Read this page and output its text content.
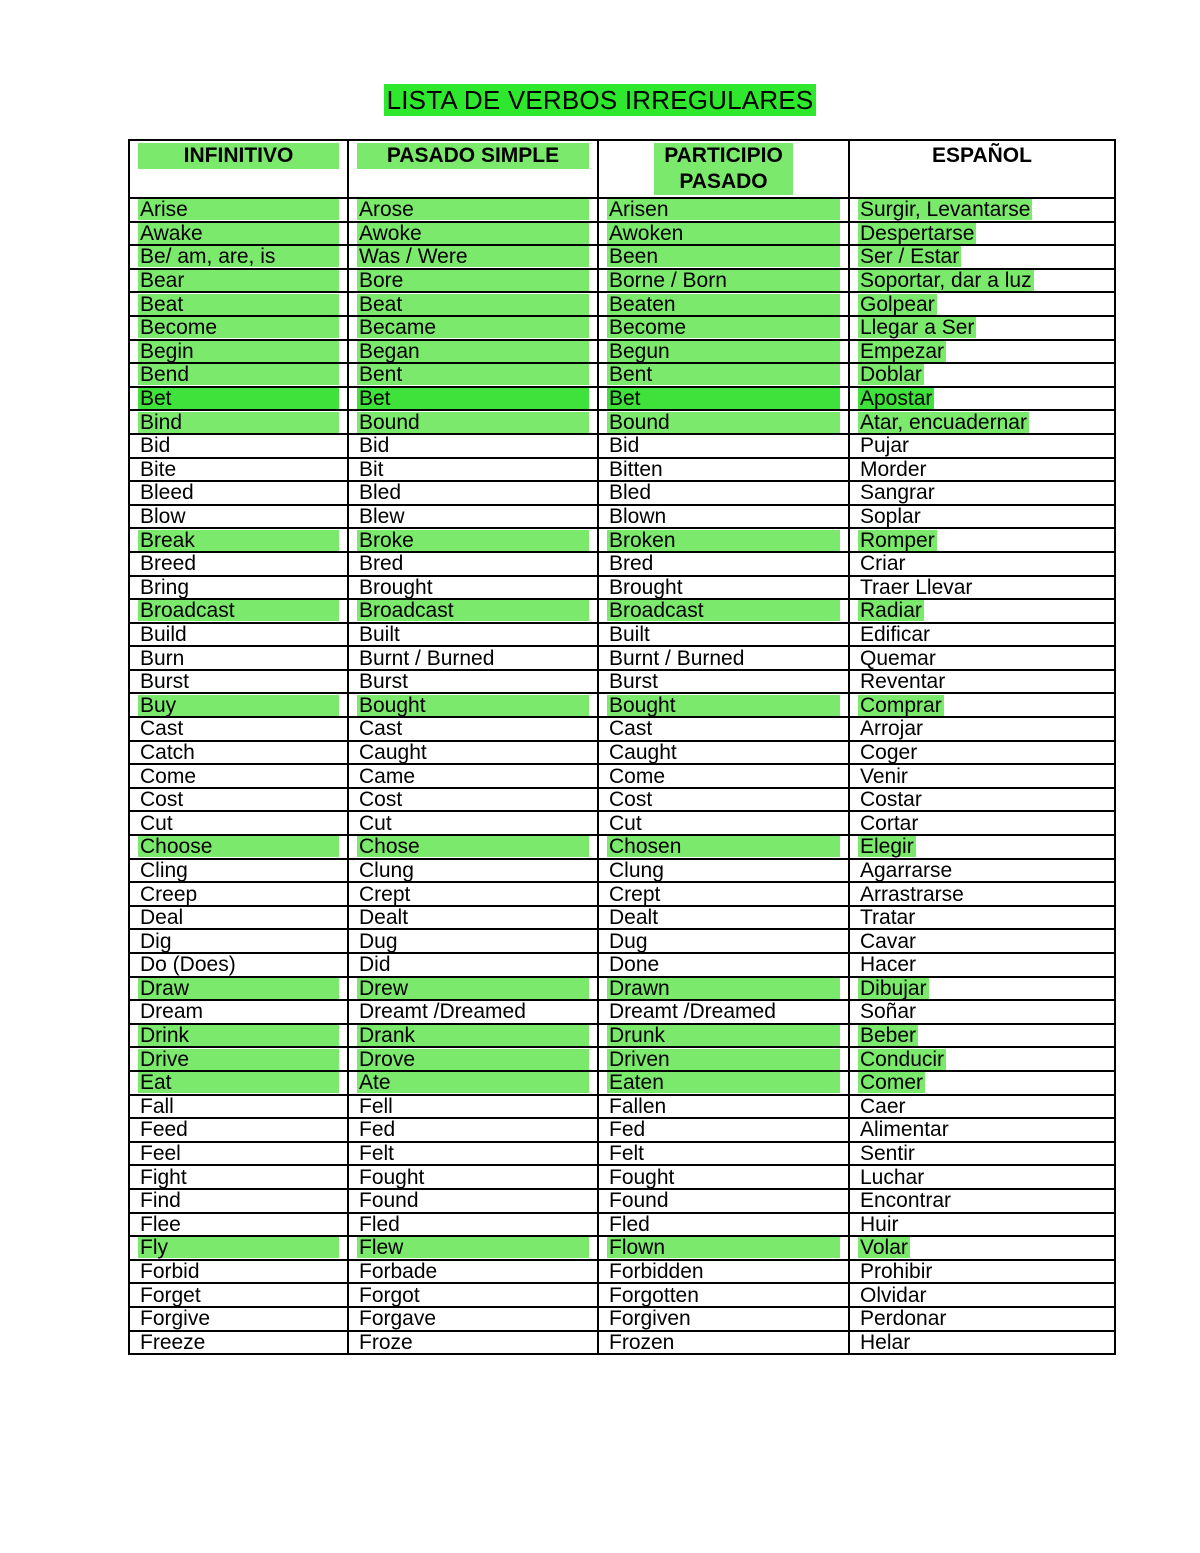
LISTA DE VERBOS IRREGULARES
INFINITIVO	PASADO SIMPLE	PARTICIPIO PASADO	ESPAÑOL

Arise	Arose	Arisen	Surgir, Levantarse

Awake	Awoke	Awoken	Despertarse

Be/ am, are, is	Was / Were	Been	Ser / Estar

Bear	Bore	Borne / Born	Soportar, dar a luz

Beat	Beat	Beaten	Golpear

Become	Became	Become	Llegar a Ser

Begin	Began	Begun	Empezar

Bend	Bent	Bent	Doblar

Bet	Bet	Bet	Apostar

Bind	Bound	Bound	Atar, encuadernar

Bid	Bid	Bid	Pujar

Bite	Bit	Bitten	Morder

Bleed	Bled	Bled	Sangrar

Blow	Blew	Blown	Soplar

Break	Broke	Broken	Romper

Breed	Bred	Bred	Criar

Bring	Brought	Brought	Traer Llevar

Broadcast	Broadcast	Broadcast	Radiar

Build	Built	Built	Edificar

Burn	Burnt / Burned	Burnt / Burned	Quemar

Burst	Burst	Burst	Reventar

Buy	Bought	Bought	Comprar

Cast	Cast	Cast	Arrojar

Catch	Caught	Caught	Coger

Come	Came	Come	Venir

Cost	Cost	Cost	Costar

Cut	Cut	Cut	Cortar

Choose	Chose	Chosen	Elegir

Cling	Clung	Clung	Agarrarse

Creep	Crept	Crept	Arrastrarse

Deal	Dealt	Dealt	Tratar

Dig	Dug	Dug	Cavar

Do (Does)	Did	Done	Hacer

Draw	Drew	Drawn	Dibujar

Dream	Dreamt /Dreamed	Dreamt /Dreamed	Soñar

Drink	Drank	Drunk	Beber

Drive	Drove	Driven	Conducir

Eat	Ate	Eaten	Comer

Fall	Fell	Fallen	Caer

Feed	Fed	Fed	Alimentar

Feel	Felt	Felt	Sentir

Fight	Fought	Fought	Luchar

Find	Found	Found	Encontrar

Flee	Fled	Fled	Huir

Fly	Flew	Flown	Volar

Forbid	Forbade	Forbidden	Prohibir

Forget	Forgot	Forgotten	Olvidar

Forgive	Forgave	Forgiven	Perdonar

Freeze	Froze	Frozen	Helar
